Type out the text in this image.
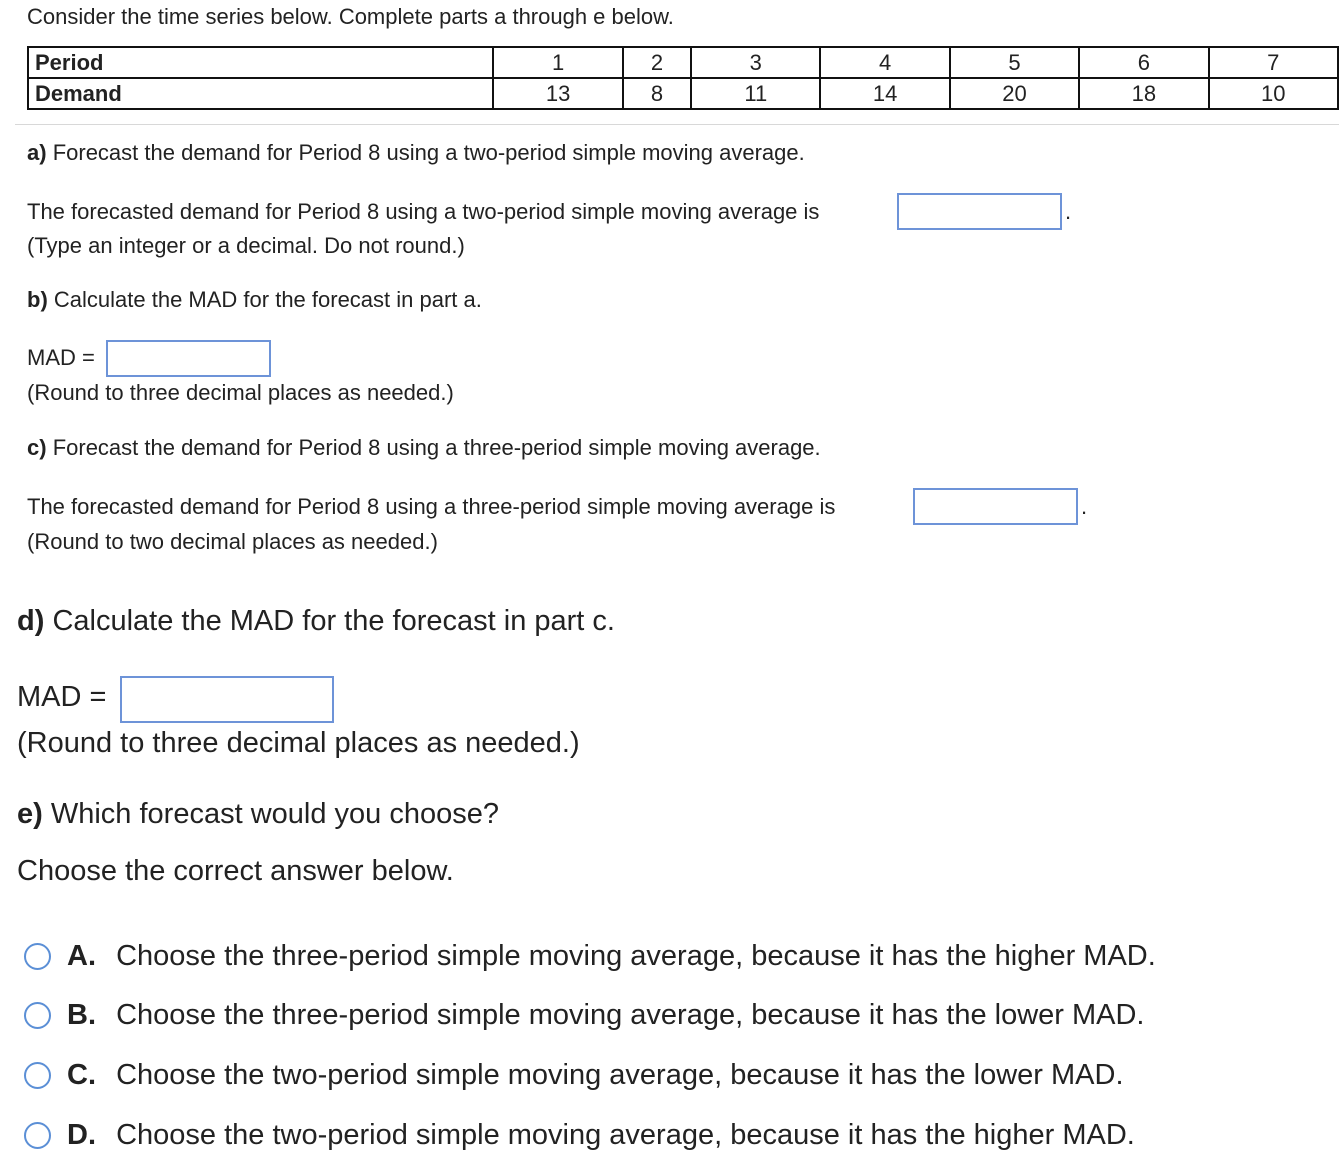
Consider the time series below. Complete parts a through e below.
Period	1	2	3	4	5	6	7
Demand	13	8	11	14	20	18	10
a) Forecast the demand for Period 8 using a two-period simple moving average.
The forecasted demand for Period 8 using a two-period simple moving average is	.
(Type an integer or a decimal. Do not round.)
b) Calculate the MAD for the forecast in part a.
MAD =
(Round to three decimal places as needed.)
c) Forecast the demand for Period 8 using a three-period simple moving average.
The forecasted demand for Period 8 using a three-period simple moving average is	.
(Round to two decimal places as needed.)
d) Calculate the MAD for the forecast in part c.
MAD =
(Round to three decimal places as needed.)
e) Which forecast would you choose?
Choose the correct answer below.
A. Choose the three-period simple moving average, because it has the higher MAD.
B. Choose the three-period simple moving average, because it has the lower MAD.
C. Choose the two-period simple moving average, because it has the lower MAD.
D. Choose the two-period simple moving average, because it has the higher MAD.
